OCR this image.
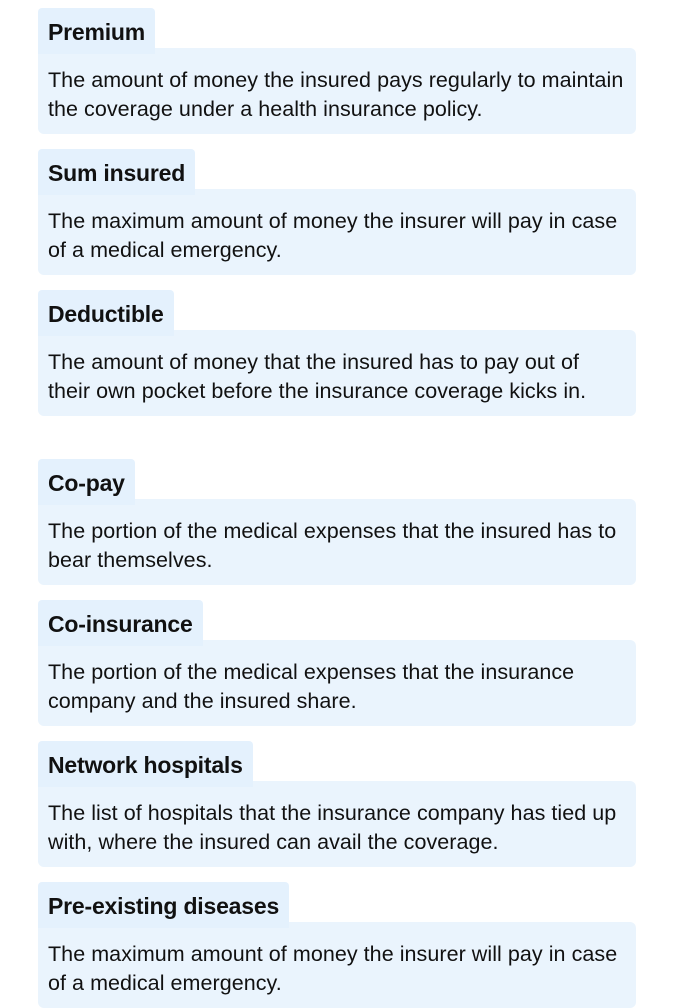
Premium
The amount of money the insured pays regularly to maintain the coverage under a health insurance policy.
Sum insured
The maximum amount of money the insurer will pay in case of a medical emergency.
Deductible
The amount of money that the insured has to pay out of their own pocket before the insurance coverage kicks in.
Co-pay
The portion of the medical expenses that the insured has to bear themselves.
Co-insurance
The portion of the medical expenses that the insurance company and the insured share.
Network hospitals
The list of hospitals that the insurance company has tied up with, where the insured can avail the coverage.
Pre-existing diseases
The maximum amount of money the insurer will pay in case of a medical emergency.
